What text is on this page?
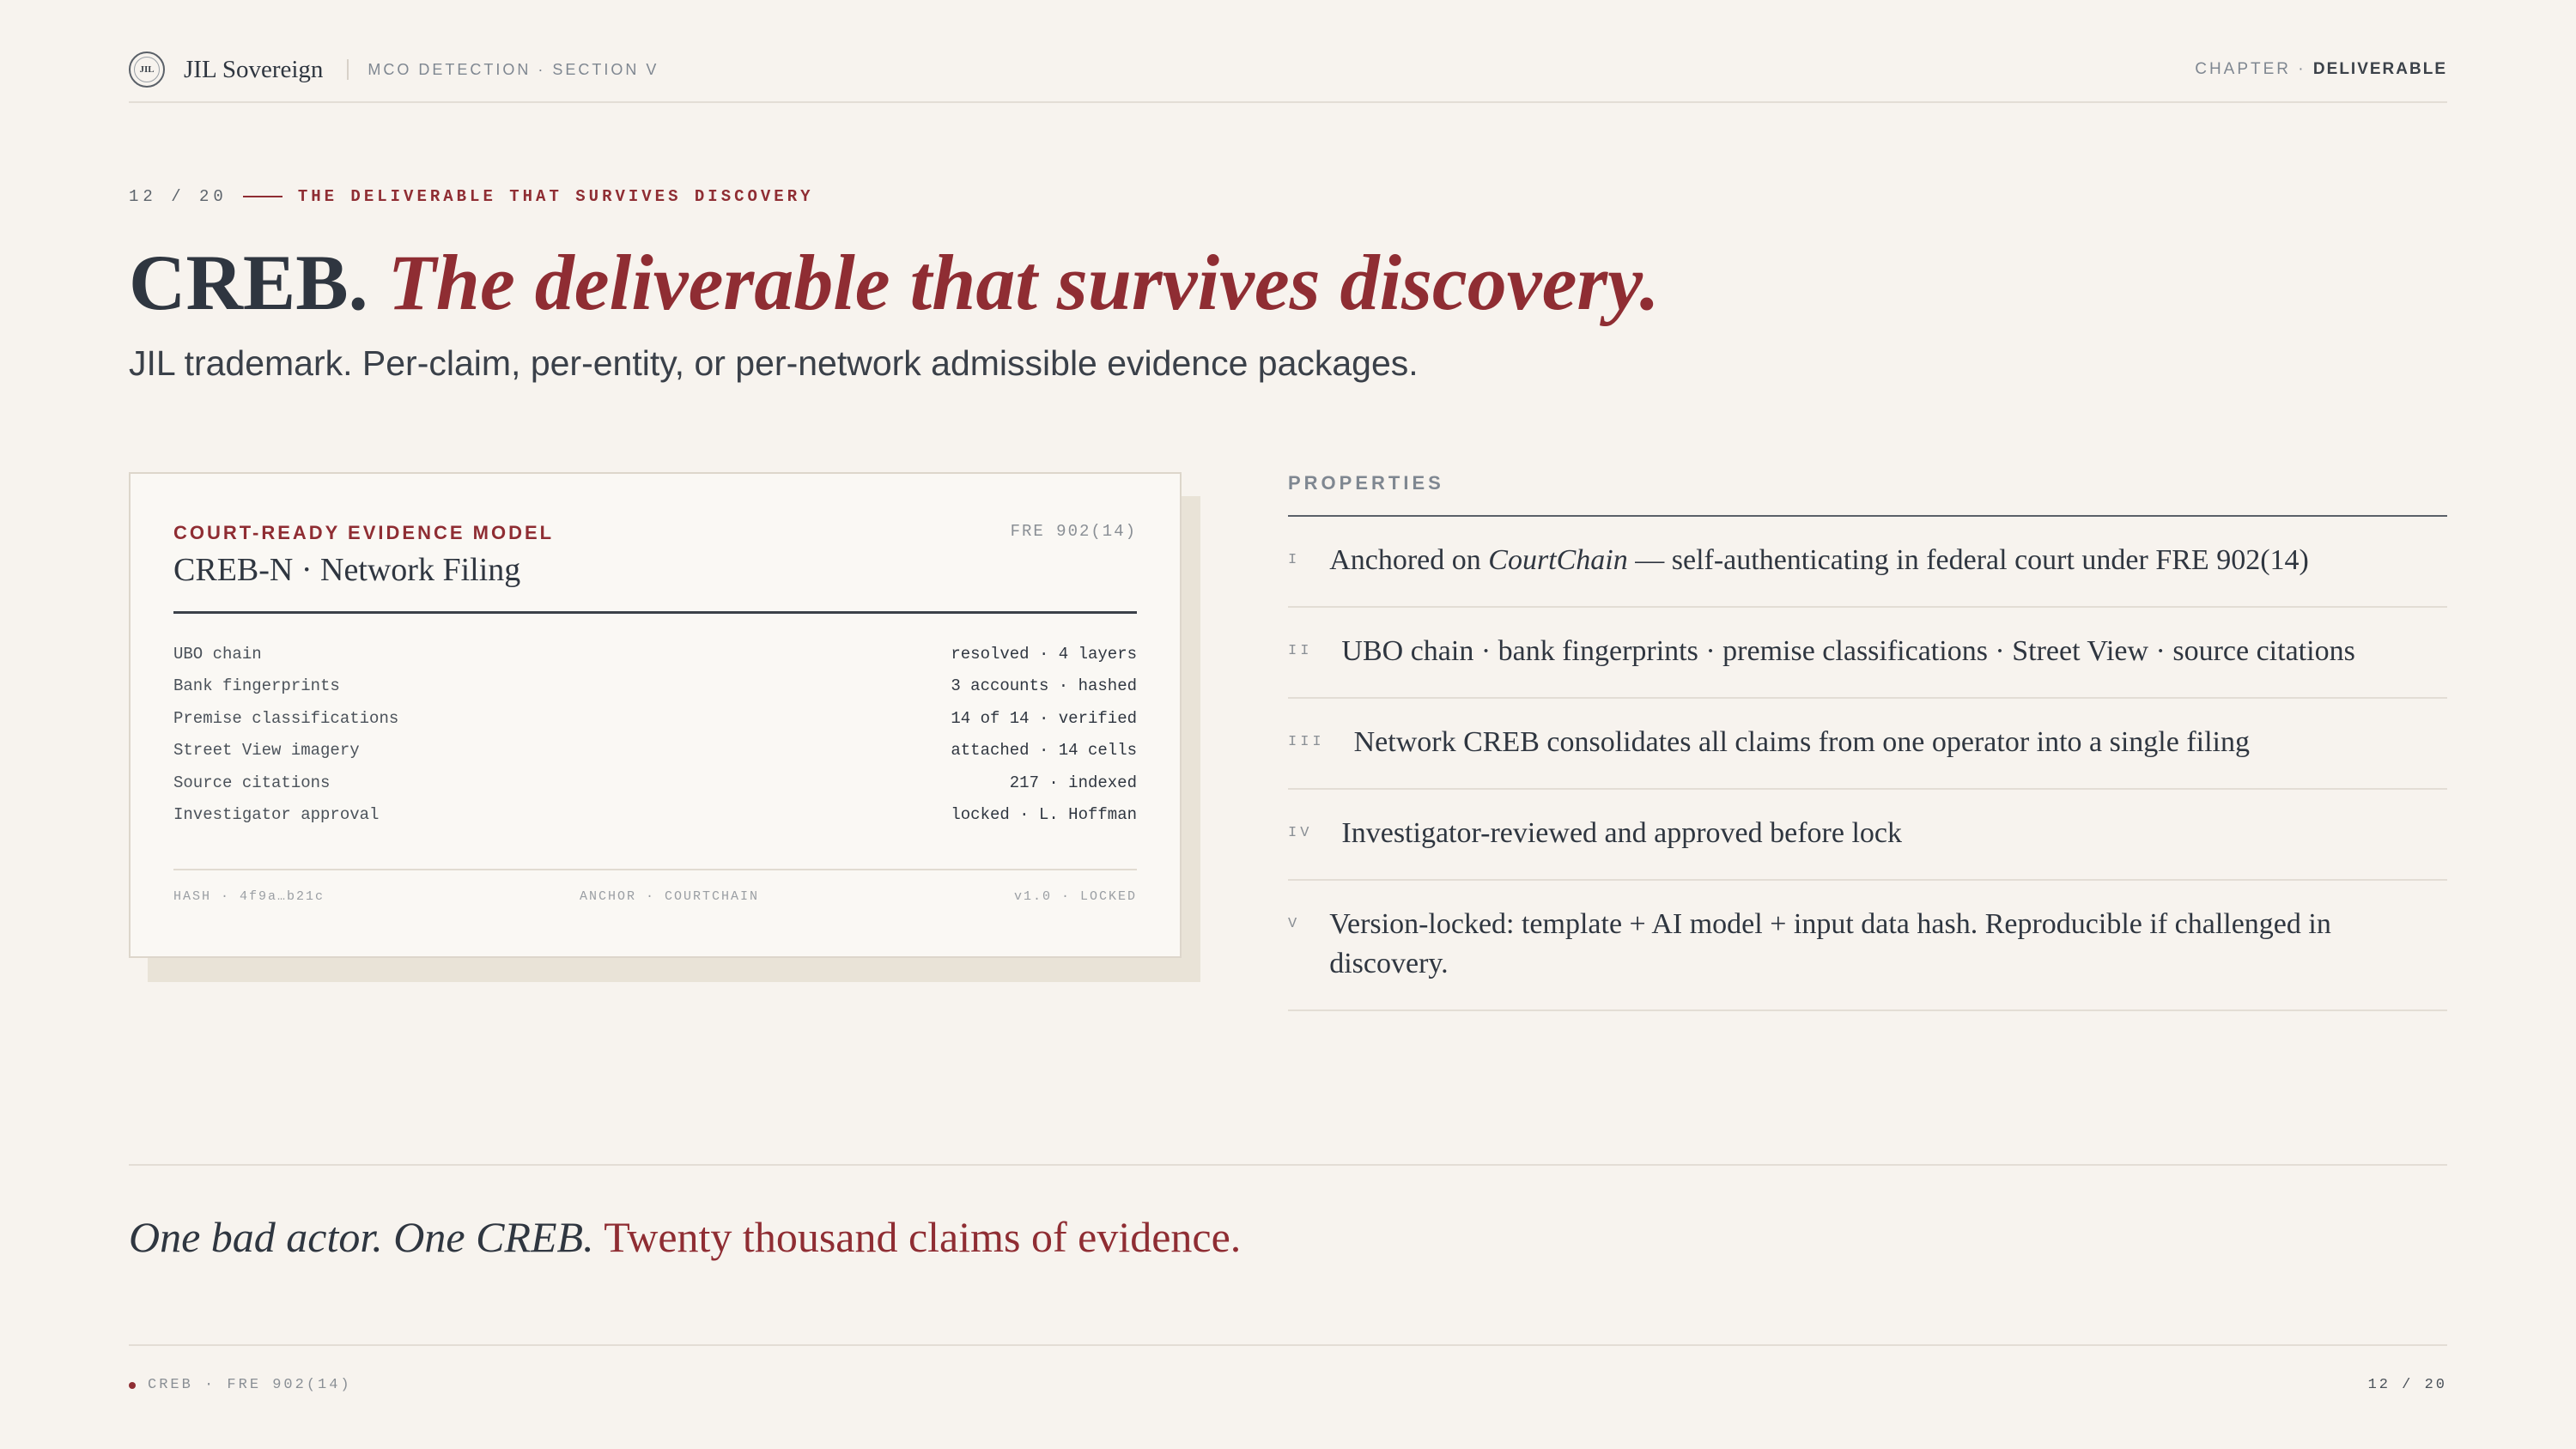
JIL JIL Sovereign	MCO DETECTION · SECTION V	CHAPTER · DELIVERABLE
12 / 20	THE DELIVERABLE THAT SURVIVES DISCOVERY
CREB. The deliverable that survives discovery.

JIL trademark. Per-claim, per-entity, or per-network admissible evidence packages.

COURT-READY EVIDENCE MODEL	FRE 902(14)
CREB-N · Network Filing
UBO chain	resolved · 4 layers
Bank fingerprints	3 accounts · hashed
Premise classifications	14 of 14 · verified
Street View imagery	attached · 14 cells
Source citations	217 · indexed
Investigator approval	locked · L. Hoffman
HASH · 4f9a…b21c	ANCHOR · COURTCHAIN	v1.0 · LOCKED
PROPERTIES
I Anchored on CourtChain — self-authenticating in federal court under FRE 902(14)
II UBO chain · bank fingerprints · premise classifications · Street View · source citations
III Network CREB consolidates all claims from one operator into a single filing
IV Investigator-reviewed and approved before lock
V Version-locked: template + AI model + input data hash. Reproducible if challenged in discovery.
One bad actor. One CREB. Twenty thousand claims of evidence.
CREB · FRE 902(14)	12 / 20
